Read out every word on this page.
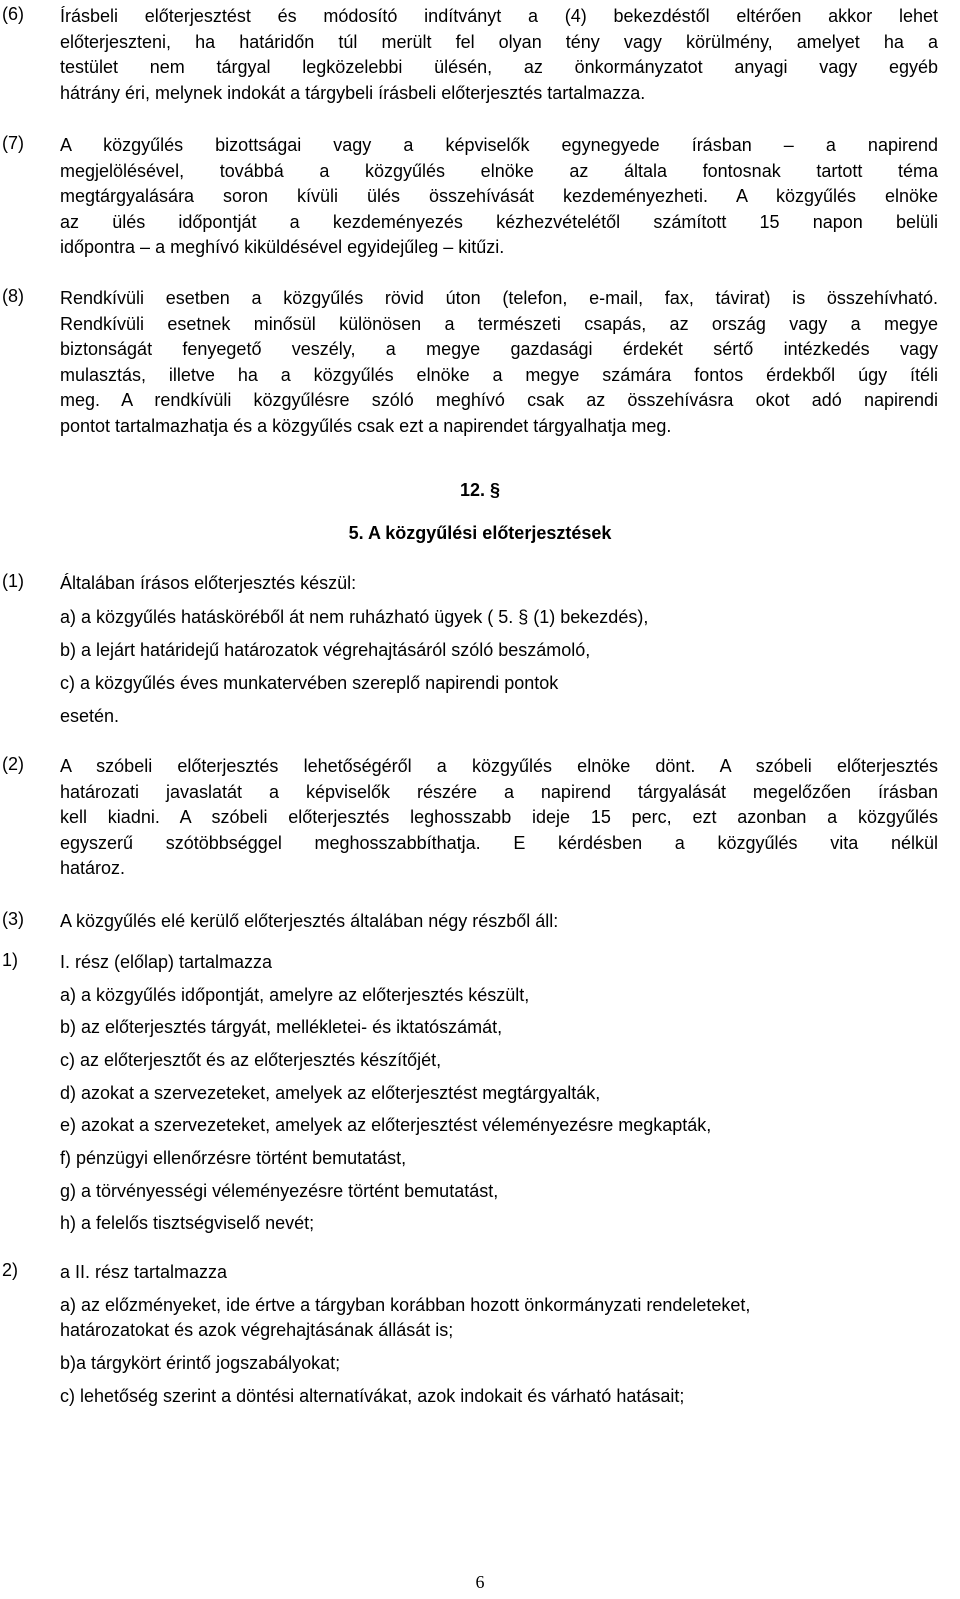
(6) Írásbeli előterjesztést és módosító indítványt a (4) bekezdéstől eltérően akkor lehet
előterjeszteni, ha határidőn túl merült fel olyan tény vagy körülmény, amelyet ha a
testület nem tárgyal legközelebbi ülésén, az önkormányzatot anyagi vagy egyéb
hátrány éri, melynek indokát a tárgybeli írásbeli előterjesztés tartalmazza.
(7) A közgyűlés bizottságai vagy a képviselők egynegyede írásban – a napirend
megjelölésével, továbbá a közgyűlés elnöke az általa fontosnak tartott téma
megtárgyalására soron kívüli ülés összehívását kezdeményezheti. A közgyűlés elnöke
az ülés időpontját a kezdeményezés kézhezvételétől számított 15 napon belüli
időpontra – a meghívó kiküldésével egyidejűleg – kitűzi.
(8) Rendkívüli esetben a közgyűlés rövid úton (telefon, e-mail, fax, távirat) is összehívható.
Rendkívüli esetnek minősül különösen a természeti csapás, az ország vagy a megye
biztonságát fenyegető veszély, a megye gazdasági érdekét sértő intézkedés vagy
mulasztás, illetve ha a közgyűlés elnöke a megye számára fontos érdekből úgy ítéli
meg. A rendkívüli közgyűlésre szóló meghívó csak az összehívásra okot adó napirendi
pontot tartalmazhatja és a közgyűlés csak ezt a napirendet tárgyalhatja meg.
12. §
5. A közgyűlési előterjesztések
(1) Általában írásos előterjesztés készül:
a) a közgyűlés hatásköréből át nem ruházható ügyek ( 5. § (1) bekezdés),
b) a lejárt határidejű határozatok végrehajtásáról szóló beszámoló,
c) a közgyűlés éves munkatervében szereplő napirendi pontok
esetén.
(2) A szóbeli előterjesztés lehetőségéről a közgyűlés elnöke dönt. A szóbeli előterjesztés
határozati javaslatát a képviselők részére a napirend tárgyalását megelőzően írásban
kell kiadni. A szóbeli előterjesztés leghosszabb ideje 15 perc, ezt azonban a közgyűlés
egyszerű szótöbbséggel meghosszabbíthatja. E kérdésben a közgyűlés vita nélkül
határoz.
(3) A közgyűlés elé kerülő előterjesztés általában négy részből áll:
1) I. rész (előlap) tartalmazza
a) a közgyűlés időpontját, amelyre az előterjesztés készült,
b) az előterjesztés tárgyát, mellékletei- és iktatószámát,
c) az előterjesztőt és az előterjesztés készítőjét,
d) azokat a szervezeteket, amelyek az előterjesztést megtárgyalták,
e) azokat a szervezeteket, amelyek az előterjesztést véleményezésre megkapták,
f) pénzügyi ellenőrzésre történt bemutatást,
g) a törvényességi véleményezésre történt bemutatást,
h) a felelős tisztségviselő nevét;
2) a II. rész tartalmazza
a) az előzményeket, ide értve a tárgyban korábban hozott önkormányzati rendeleteket,
határozatokat és azok végrehajtásának állását is;
b)a tárgykört érintő jogszabályokat;
c) lehetőség szerint a döntési alternatívákat, azok indokait és várható hatásait;
6
